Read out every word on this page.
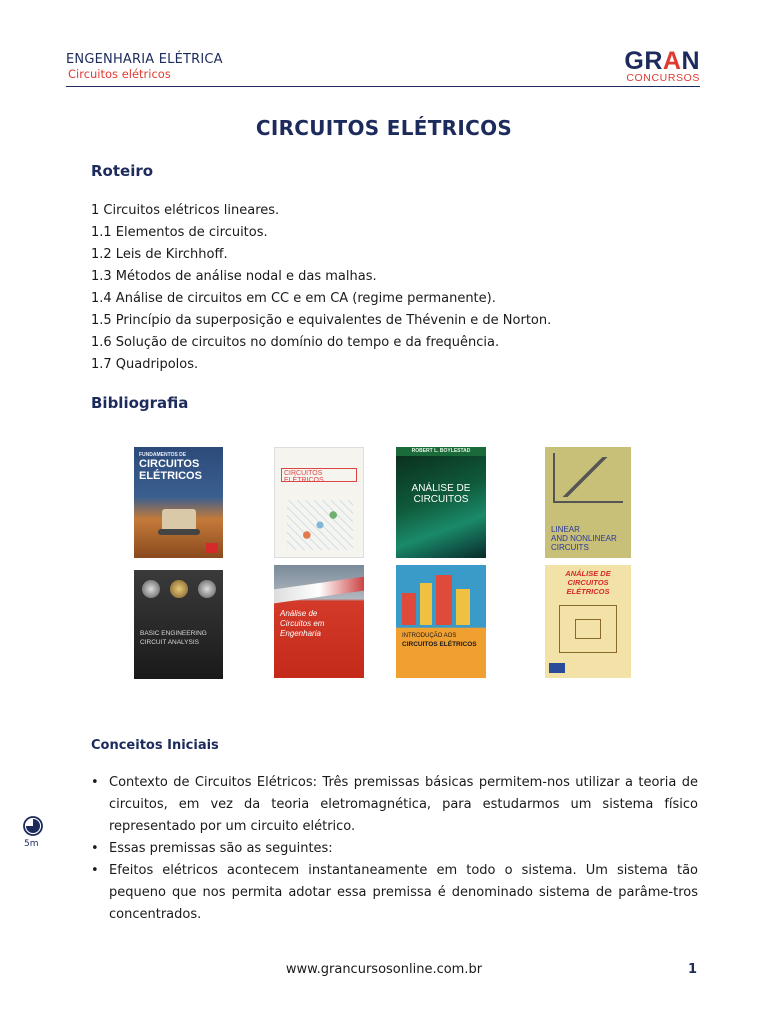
ENGENHARIA ELÉTRICA
Circuitos elétricos	GRAN
CONCURSOS
CIRCUITOS ELÉTRICOS
Roteiro
1 Circuitos elétricos lineares.
1.1 Elementos de circuitos.
1.2 Leis de Kirchhoff.
1.3 Métodos de análise nodal e das malhas.
1.4 Análise de circuitos em CC e em CA (regime permanente).
1.5 Princípio da superposição e equivalentes de Thévenin e de Norton.
1.6 Solução de circuitos no domínio do tempo e da frequência.
1.7 Quadripolos.
Bibliografia
FUNDAMENTOS DE
CIRCUITOS
ELÉTRICOS	CIRCUITOS ELÉTRICOS
ROBERT L. BOYLESTAD
ANÁLISE DE
CIRCUITOS
LINEAR
AND NONLINEAR
CIRCUITS
BASIC ENGINEERING
CIRCUIT ANALYSIS
Análise de
Circuitos em
Engenharia	INTRODUÇÃO AOS
CIRCUITOS ELÉTRICOS
ANÁLISE DE
CIRCUITOS
ELÉTRICOS
Conceitos Iniciais
• Contexto de Circuitos Elétricos: Três premissas básicas permitem-nos utilizar a teoria de circuitos, em vez da teoria eletromagnética, para estudarmos um sistema físico representado por um circuito elétrico.
• Essas premissas são as seguintes:
• Efeitos elétricos acontecem instantaneamente em todo o sistema. Um sistema tão pequeno que nos permita adotar essa premissa é denominado sistema de parâme-tros concentrados.
5m
www.grancursosonline.com.br	1
